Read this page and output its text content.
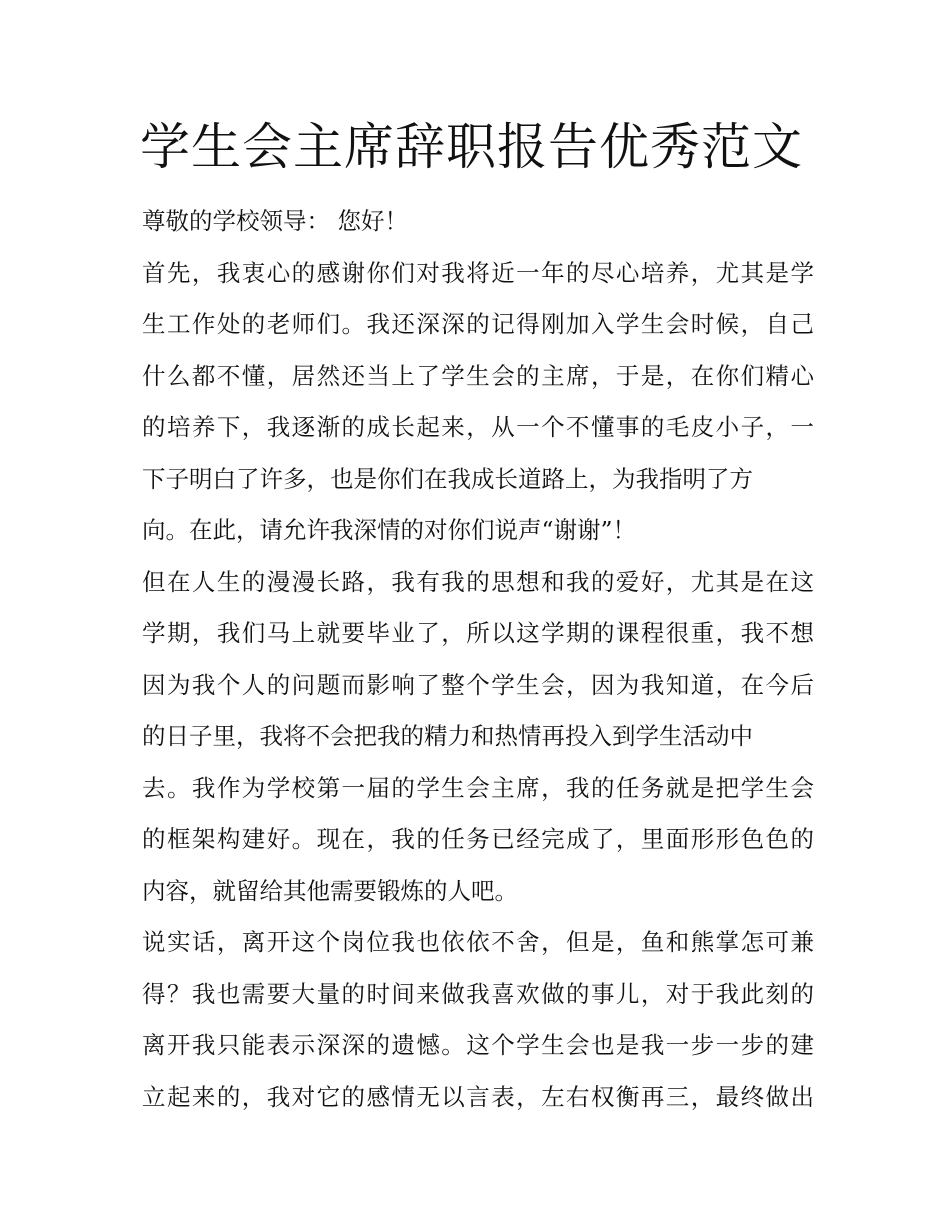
学生会主席辞职报告优秀范文
尊敬的学校领导： 您好！
首先，我衷心的感谢你们对我将近一年的尽心培养，尤其是学
生工作处的老师们。我还深深的记得刚加入学生会时候，自己
什么都不懂，居然还当上了学生会的主席，于是，在你们精心
的培养下，我逐渐的成长起来，从一个不懂事的毛皮小子，一
下子明白了许多，也是你们在我成长道路上，为我指明了方
向。在此，请允许我深情的对你们说声“谢谢”！
但在人生的漫漫长路，我有我的思想和我的爱好，尤其是在这
学期，我们马上就要毕业了，所以这学期的课程很重，我不想
因为我个人的问题而影响了整个学生会，因为我知道，在今后
的日子里，我将不会把我的精力和热情再投入到学生活动中
去。我作为学校第一届的学生会主席，我的任务就是把学生会
的框架构建好。现在，我的任务已经完成了，里面形形色色的
内容，就留给其他需要锻炼的人吧。
说实话，离开这个岗位我也依依不舍，但是，鱼和熊掌怎可兼
得？我也需要大量的时间来做我喜欢做的事儿，对于我此刻的
离开我只能表示深深的遗憾。这个学生会也是我一步一步的建
立起来的，我对它的感情无以言表，左右权衡再三，最终做出
